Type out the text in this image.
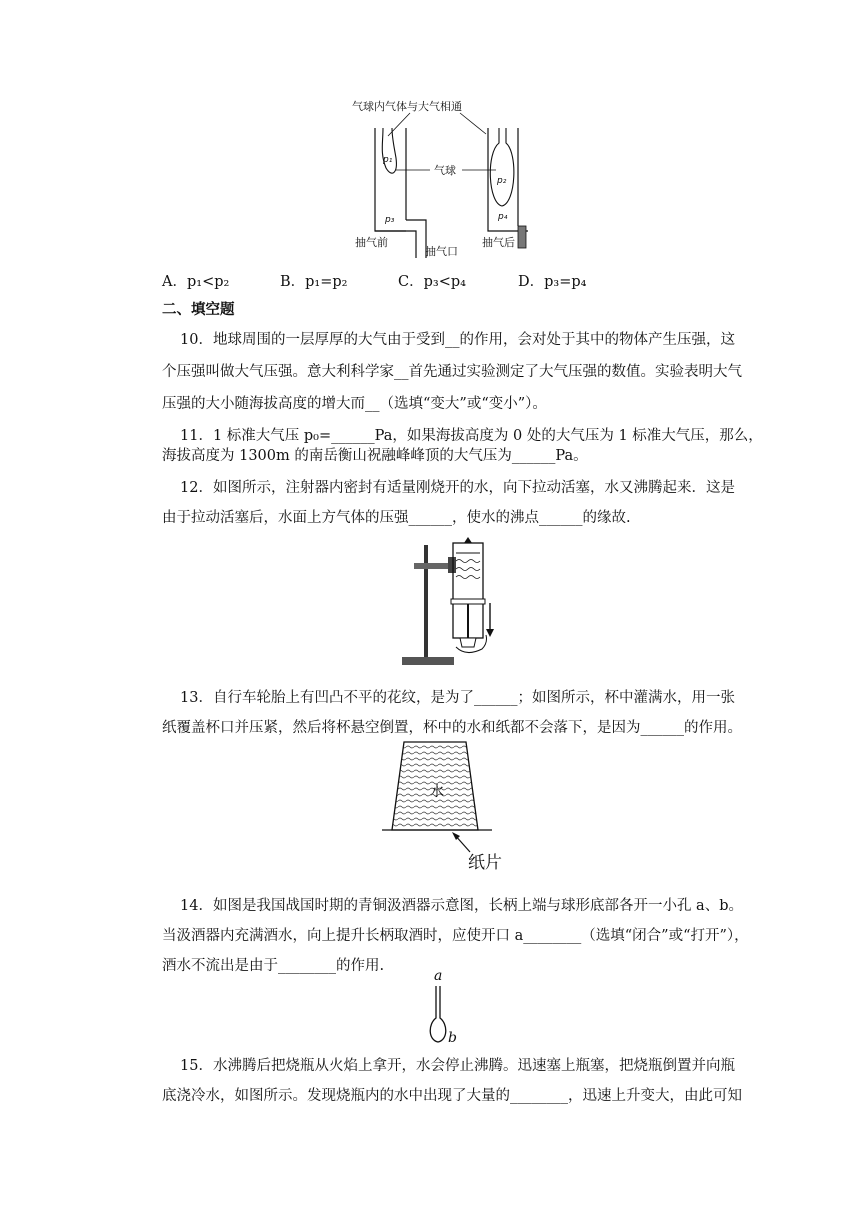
气球内气体与大气相通
p₁
p₃
抽气前
抽气口
气球
p₂
p₄
抽气后
A．p₁<p₂	B．p₁=p₂	C．p₃<p₄	D．p₃=p₄
二、填空题
10．地球周围的一层厚厚的大气由于受到__的作用，会对处于其中的物体产生压强，这
个压强叫做大气压强。意大利科学家__首先通过实验测定了大气压强的数值。实验表明大气
压强的大小随海拔高度的增大而__（选填“变大”或“变小”）。
11．1 标准大气压 p₀=______Pa，如果海拔高度为 0 处的大气压为 1 标准大气压，那么，
海拔高度为 1300m 的南岳衡山祝融峰峰顶的大气压为______Pa。
12．如图所示，注射器内密封有适量刚烧开的水，向下拉动活塞，水又沸腾起来．这是
由于拉动活塞后，水面上方气体的压强______，使水的沸点______的缘故.
13．自行车轮胎上有凹凸不平的花纹，是为了______；如图所示，杯中灌满水，用一张
纸覆盖杯口并压紧，然后将杯悬空倒置，杯中的水和纸都不会落下，是因为______的作用。
水
纸片
14．如图是我国战国时期的青铜汲酒器示意图，长柄上端与球形底部各开一小孔 a、b。
当汲酒器内充满酒水，向上提升长柄取酒时，应使开口 a________（选填“闭合”或“打开”），
酒水不流出是由于________的作用.
a
b
15．水沸腾后把烧瓶从火焰上拿开，水会停止沸腾。迅速塞上瓶塞，把烧瓶倒置并向瓶
底浇冷水，如图所示。发现烧瓶内的水中出现了大量的________，迅速上升变大，由此可知
